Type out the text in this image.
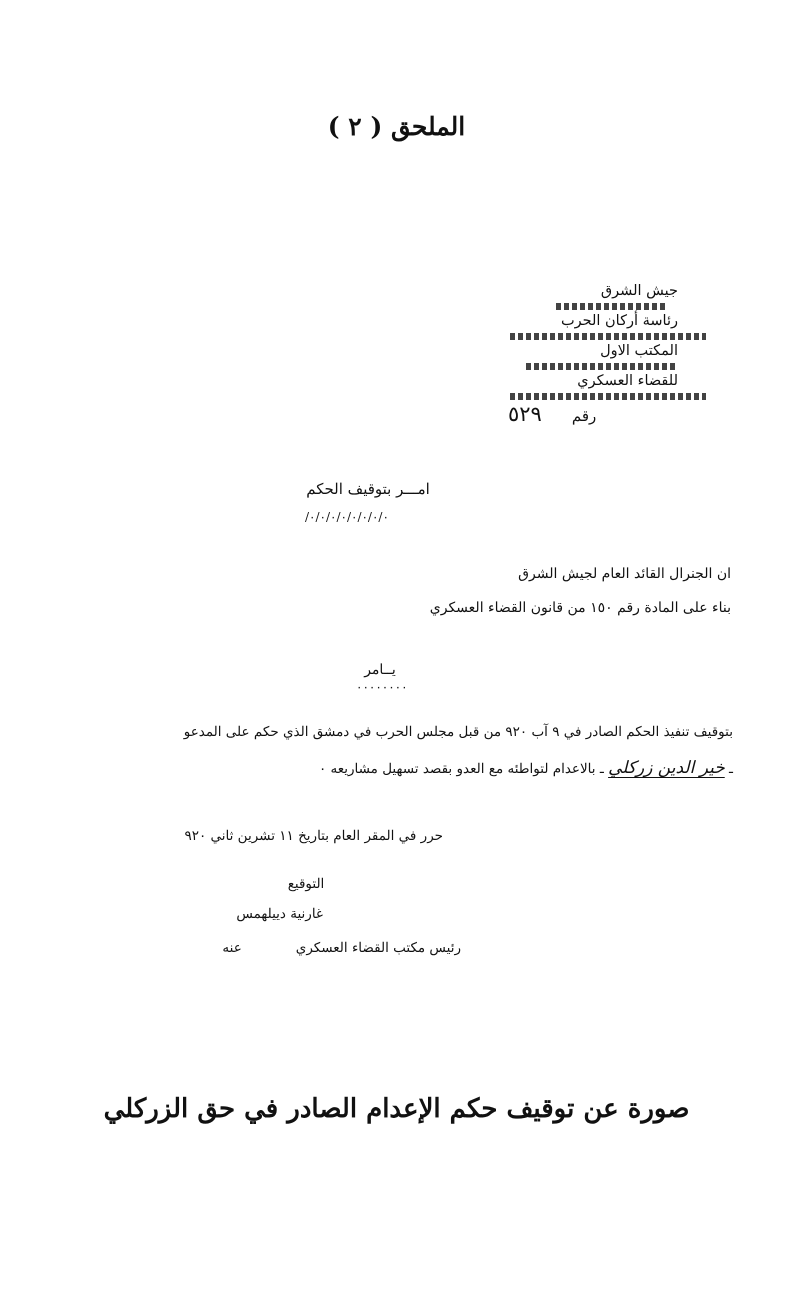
الملحق ( ٢ )
جيش الشرق
رئاسة أركان الحرب
المكتب الاول
للقضاء العسكري
رقم
٥٢٩
امـــر بتوقيف الحكم
/٠/٠/٠/٠/٠/٠/٠/٠
ان الجنرال القائد العام لجيش الشرق
بناء على المادة رقم ١٥٠ من قانون القضاء العسكري
يــامر
٠٠٠٠٠٠٠٠
بتوقيف تنفيذ الحكم الصادر في ٩ آب ٩٢٠ من قبل مجلس الحرب في دمشق الذي حكم على المدعو
ـ خير الدين زركلي ـ بالاعدام لتواطئه مع العدو بقصد تسهيل مشاريعه ٠
حرر في المقر العام بتاريخ ١١ تشرين ثاني ٩٢٠
التوقيع
غارنية دييلهمس
رئيس مكتب القضاء العسكري
عنه
صورة عن توقيف حكم الإعدام الصادر في حق الزركلي
